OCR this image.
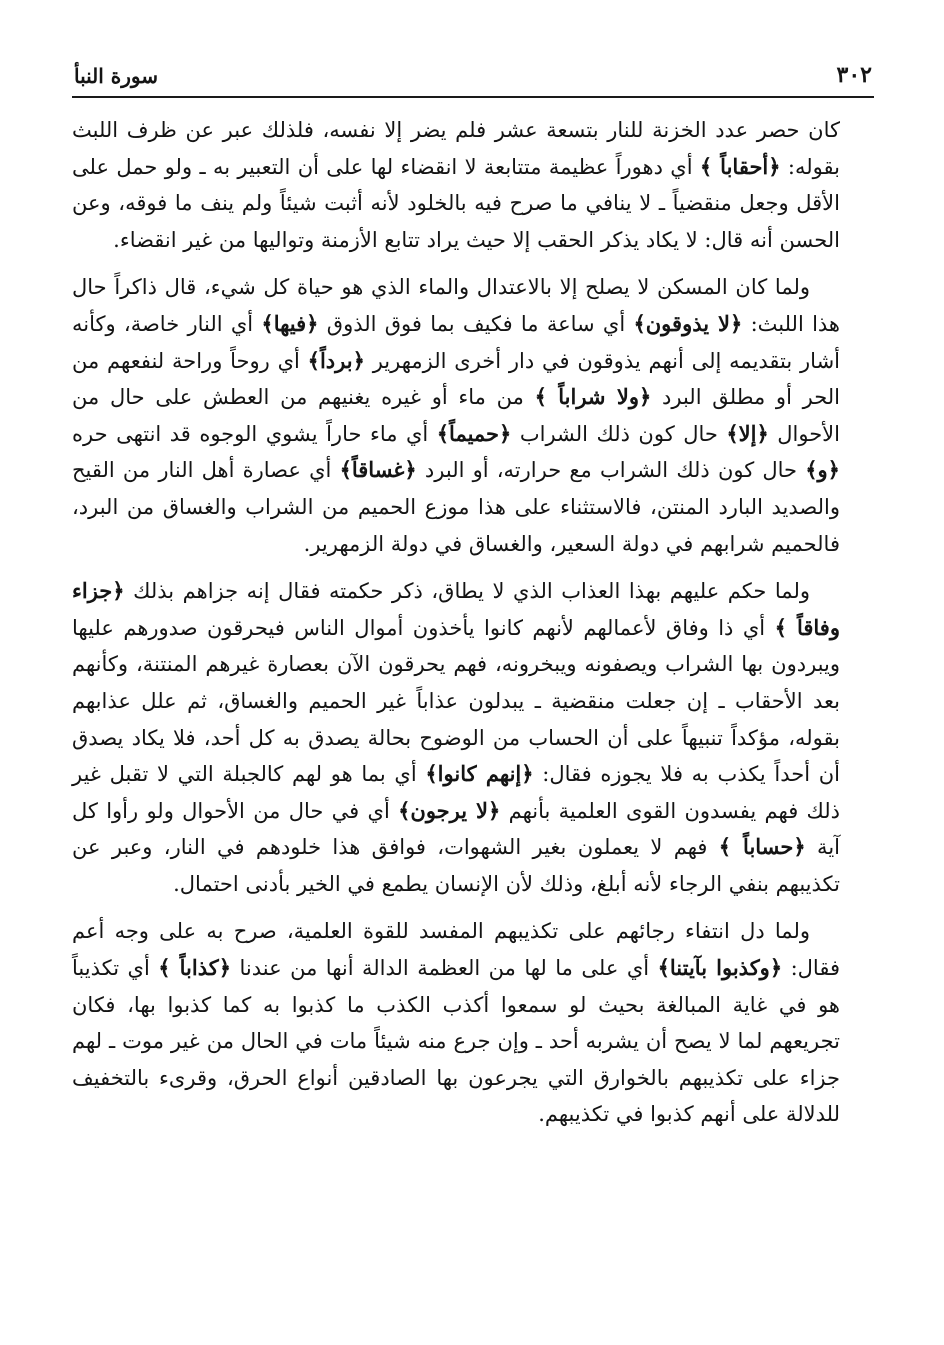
٣٠٢
سورة النبأ

كان حصر عدد الخزنة للنار بتسعة عشر فلم يضر إلا نفسه، فلذلك عبر عن ظرف اللبث بقوله: ﴿أحقاباً ﴾ أي دهوراً عظيمة متتابعة لا انقضاء لها على أن التعبير به ـ ولو حمل على الأقل وجعل منقضياً ـ لا ينافي ما صرح فيه بالخلود لأنه أثبت شيئاً ولم ينف ما فوقه، وعن الحسن أنه قال: لا يكاد يذكر الحقب إلا حيث يراد تتابع الأزمنة وتواليها من غير انقضاء.

ولما كان المسكن لا يصلح إلا بالاعتدال والماء الذي هو حياة كل شيء، قال ذاكراً حال هذا اللبث: ﴿لا يذوقون﴾ أي ساعة ما فكيف بما فوق الذوق ﴿فيها﴾ أي النار خاصة، وكأنه أشار بتقديمه إلى أنهم يذوقون في دار أخرى الزمهرير ﴿برداً﴾ أي روحاً وراحة لنفعهم من الحر أو مطلق البرد ﴿ولا شراباً ﴾ من ماء أو غيره يغنيهم من العطش على حال من الأحوال ﴿إلا﴾ حال كون ذلك الشراب ﴿حميماً﴾ أي ماء حاراً يشوي الوجوه قد انتهى حره ﴿و﴾ حال كون ذلك الشراب مع حرارته، أو البرد ﴿غساقاً﴾ أي عصارة أهل النار من القيح والصديد البارد المنتن، فالاستثناء على هذا موزع الحميم من الشراب والغساق من البرد، فالحميم شرابهم في دولة السعير، والغساق في دولة الزمهرير.

ولما حكم عليهم بهذا العذاب الذي لا يطاق، ذكر حكمته فقال إنه جزاهم بذلك ﴿جزاء وفاقاً ﴾ أي ذا وفاق لأعمالهم لأنهم كانوا يأخذون أموال الناس فيحرقون صدورهم عليها ويبردون بها الشراب ويصفونه ويبخرونه، فهم يحرقون الآن بعصارة غيرهم المنتنة، وكأنهم بعد الأحقاب ـ إن جعلت منقضية ـ يبدلون عذاباً غير الحميم والغساق، ثم علل عذابهم بقوله، مؤكداً تنبيهاً على أن الحساب من الوضوح بحالة يصدق به كل أحد، فلا يكاد يصدق أن أحداً يكذب به فلا يجوزه فقال: ﴿إنهم كانوا﴾ أي بما هو لهم كالجبلة التي لا تقبل غير ذلك فهم يفسدون القوى العلمية بأنهم ﴿لا يرجون﴾ أي في حال من الأحوال ولو رأوا كل آية ﴿حساباً ﴾ فهم لا يعملون بغير الشهوات، فوافق هذا خلودهم في النار، وعبر عن تكذيبهم بنفي الرجاء لأنه أبلغ، وذلك لأن الإنسان يطمع في الخير بأدنى احتمال.

ولما دل انتفاء رجائهم على تكذيبهم المفسد للقوة العلمية، صرح به على وجه أعم فقال: ﴿وكذبوا بآيتنا﴾ أي على ما لها من العظمة الدالة أنها من عندنا ﴿كذاباً ﴾ أي تكذيباً هو في غاية المبالغة بحيث لو سمعوا أكذب الكذب ما كذبوا به كما كذبوا بها، فكان تجريعهم لما لا يصح أن يشربه أحد ـ وإن جرع منه شيئاً مات في الحال من غير موت ـ لهم جزاء على تكذيبهم بالخوارق التي يجرعون بها الصادقين أنواع الحرق، وقرىء بالتخفيف للدلالة على أنهم كذبوا في تكذيبهم.
